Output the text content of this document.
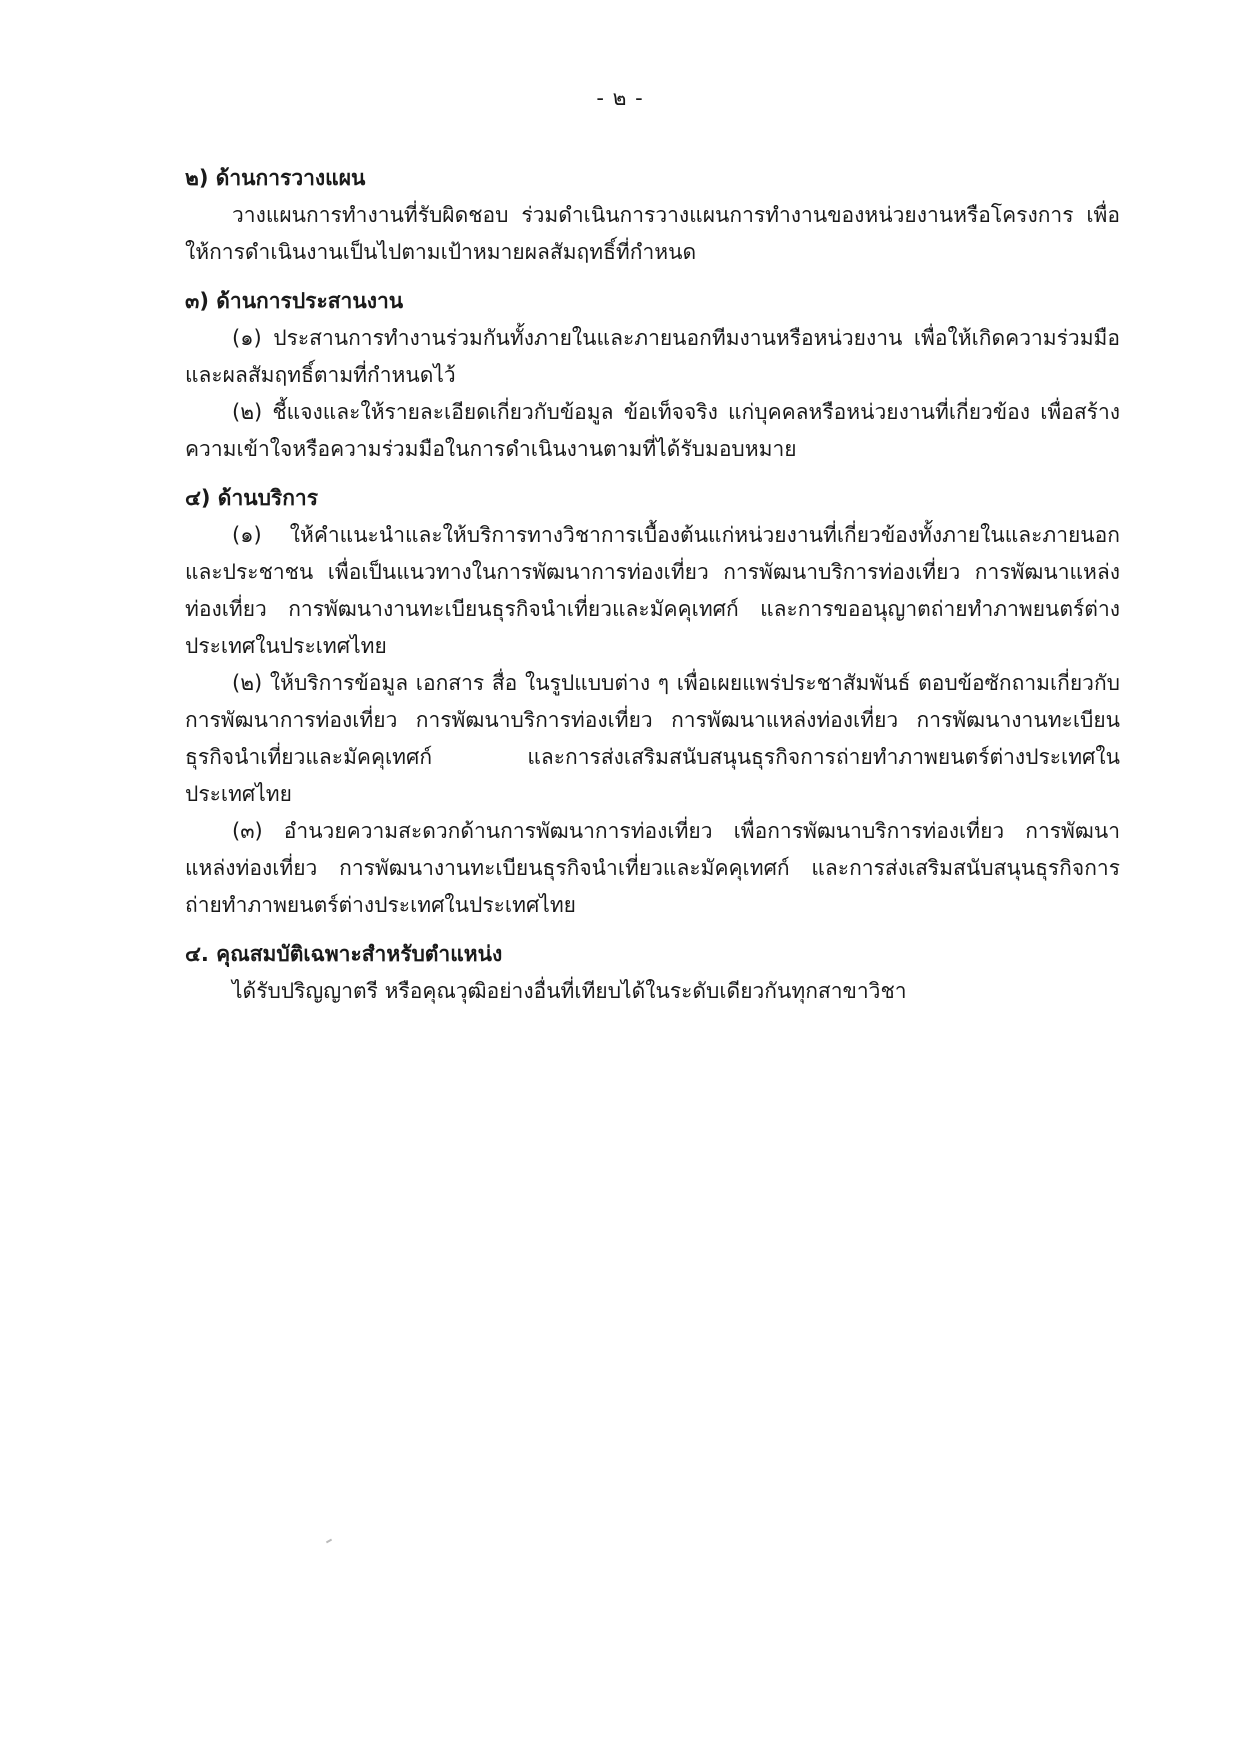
- ๒ -

๒) ด้านการวางแผน

วางแผนการทำงานที่รับผิดชอบ ร่วมดำเนินการวางแผนการทำงานของหน่วยงานหรือโครงการ เพื่อให้การดำเนินงานเป็นไปตามเป้าหมายผลสัมฤทธิ์ที่กำหนด

๓) ด้านการประสานงาน

(๑) ประสานการทำงานร่วมกันทั้งภายในและภายนอกทีมงานหรือหน่วยงาน เพื่อให้เกิดความร่วมมือและผลสัมฤทธิ์ตามที่กำหนดไว้

(๒) ชี้แจงและให้รายละเอียดเกี่ยวกับข้อมูล ข้อเท็จจริง แก่บุคคลหรือหน่วยงานที่เกี่ยวข้อง เพื่อสร้างความเข้าใจหรือความร่วมมือในการดำเนินงานตามที่ได้รับมอบหมาย

๔) ด้านบริการ

(๑) ให้คำแนะนำและให้บริการทางวิชาการเบื้องต้นแก่หน่วยงานที่เกี่ยวข้องทั้งภายในและภายนอกและประชาชน เพื่อเป็นแนวทางในการพัฒนาการท่องเที่ยว การพัฒนาบริการท่องเที่ยว การพัฒนาแหล่งท่องเที่ยว การพัฒนางานทะเบียนธุรกิจนำเที่ยวและมัคคุเทศก์ และการขออนุญาตถ่ายทำภาพยนตร์ต่างประเทศในประเทศไทย

(๒) ให้บริการข้อมูล เอกสาร สื่อ ในรูปแบบต่าง ๆ เพื่อเผยแพร่ประชาสัมพันธ์ ตอบข้อซักถามเกี่ยวกับการพัฒนาการท่องเที่ยว การพัฒนาบริการท่องเที่ยว การพัฒนาแหล่งท่องเที่ยว การพัฒนางานทะเบียนธุรกิจนำเที่ยวและมัคคุเทศก์ และการส่งเสริมสนับสนุนธุรกิจการถ่ายทำภาพยนตร์ต่างประเทศในประเทศไทย

(๓) อำนวยความสะดวกด้านการพัฒนาการท่องเที่ยว เพื่อการพัฒนาบริการท่องเที่ยว การพัฒนาแหล่งท่องเที่ยว การพัฒนางานทะเบียนธุรกิจนำเที่ยวและมัคคุเทศก์ และการส่งเสริมสนับสนุนธุรกิจการถ่ายทำภาพยนตร์ต่างประเทศในประเทศไทย

๔. คุณสมบัติเฉพาะสำหรับตำแหน่ง

ได้รับปริญญาตรี หรือคุณวุฒิอย่างอื่นที่เทียบได้ในระดับเดียวกันทุกสาขาวิชา
